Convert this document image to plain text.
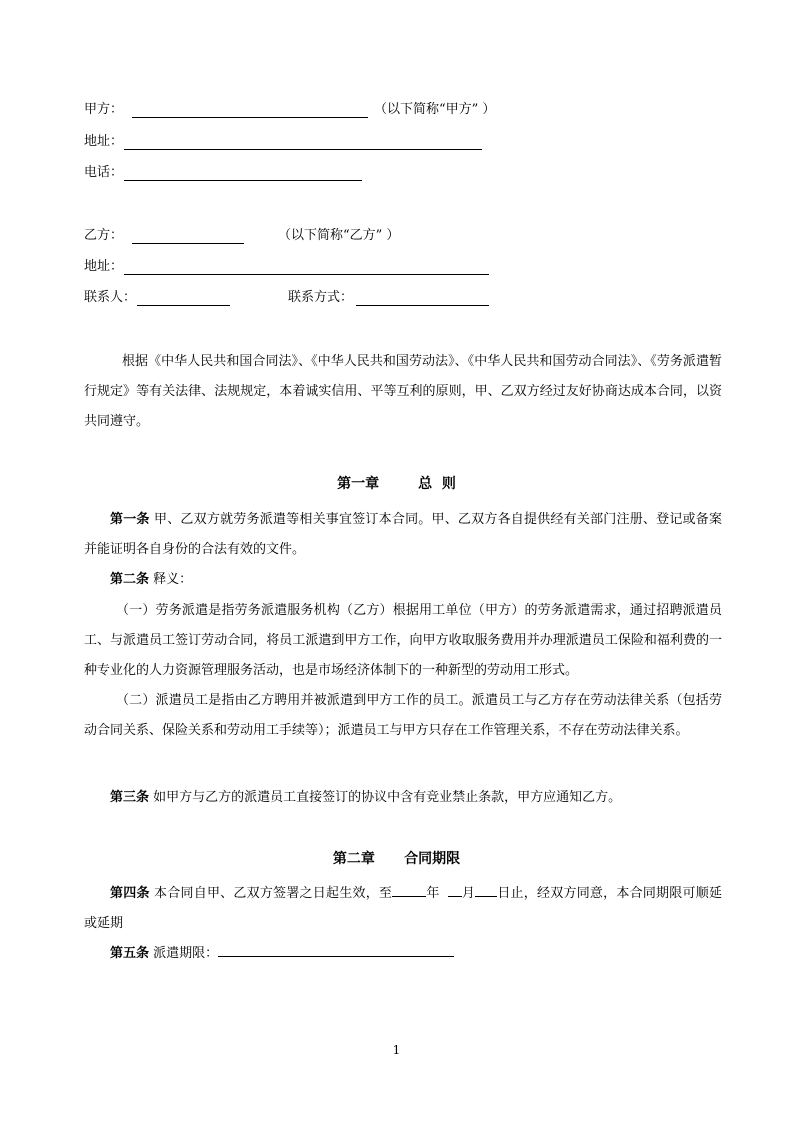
甲方：	（以下简称“甲方” ）
地址：
电话：
乙方：	（以下简称“乙方” ）
地址：
联系人：	联系方式：
根据《中华人民共和国合同法》、《中华人民共和国劳动法》、《中华人民共和国劳动合同法》、《劳务派遣暂行规定》等有关法律、法规规定，本着诚实信用、平等互利的原则，甲、乙双方经过友好协商达成本合同，以资共同遵守。
第一章        总  则
第一条 甲、乙双方就劳务派遣等相关事宜签订本合同。甲、乙双方各自提供经有关部门注册、登记或备案并能证明各自身份的合法有效的文件。
第二条 释义：
（一）劳务派遣是指劳务派遣服务机构（乙方）根据用工单位（甲方）的劳务派遣需求，通过招聘派遣员工、与派遣员工签订劳动合同，将员工派遣到甲方工作，向甲方收取服务费用并办理派遣员工保险和福利费的一种专业化的人力资源管理服务活动，也是市场经济体制下的一种新型的劳动用工形式。
（二）派遣员工是指由乙方聘用并被派遣到甲方工作的员工。派遣员工与乙方存在劳动法律关系（包括劳动合同关系、保险关系和劳动用工手续等）；派遣员工与甲方只存在工作管理关系，不存在劳动法律关系。
第三条 如甲方与乙方的派遣员工直接签订的协议中含有竞业禁止条款，甲方应通知乙方。
第二章      合同期限
第四条 本合同自甲、乙双方签署之日起生效，至	年 月 日止，经双方同意，本合同期限可顺延或延期
第五条 派遣期限：
1
